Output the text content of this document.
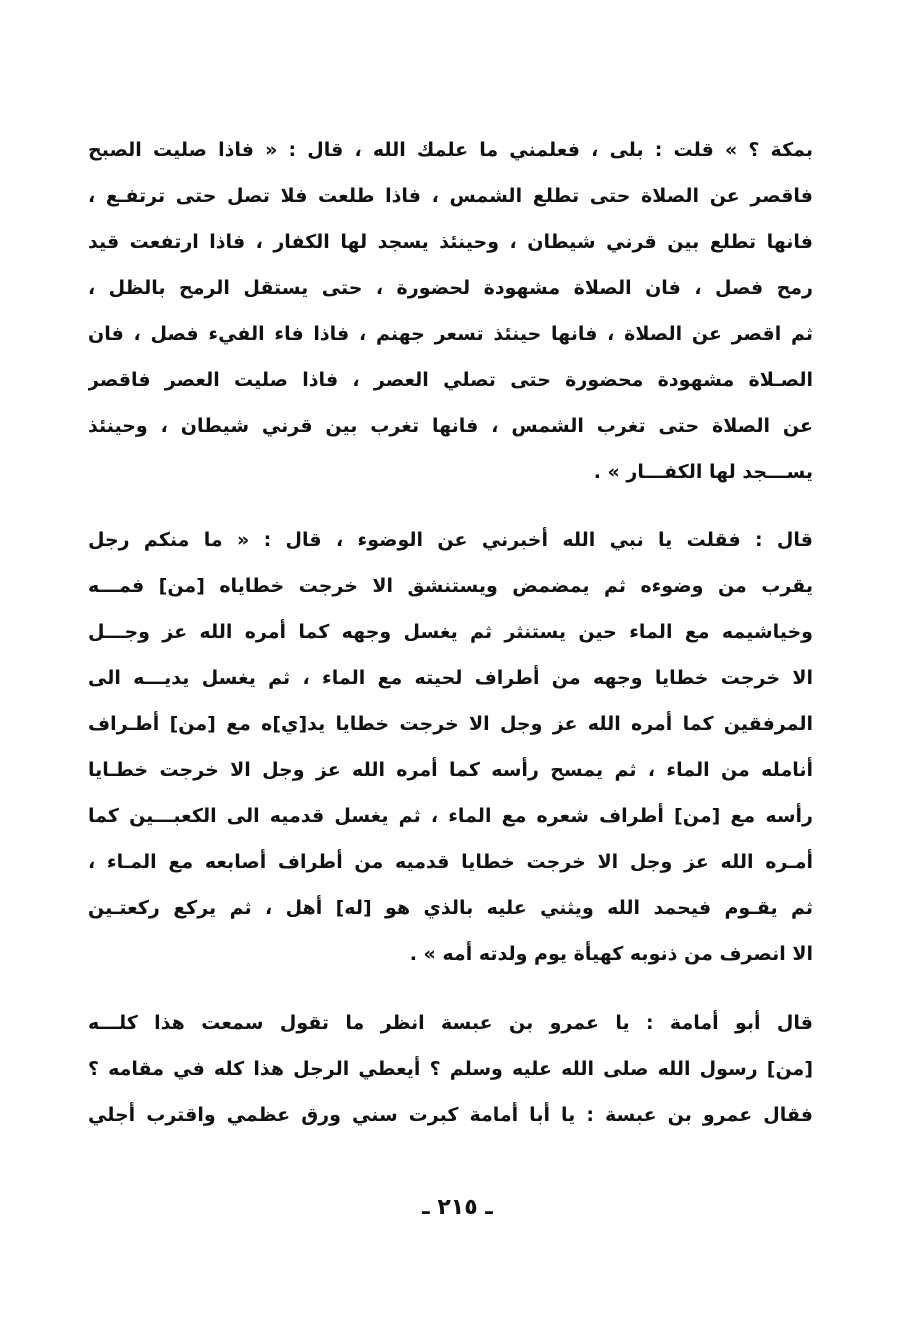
بمكة ؟ » قلت : بلى ، فعلمني ما علمك الله ، قال : « فاذا صليت الصبح
فاقصر عن الصلاة حتى تطلع الشمس ، فاذا طلعت فلا تصل حتى ترتفـع ،
فانها تطلع بين قرني شيطان ، وحينئذ يسجد لها الكفار ، فاذا ارتفعت قيد
رمح فصل ، فان الصلاة مشهودة لحضورة ، حتى يستقل الرمح بالظل ،
ثم اقصر عن الصلاة ، فانها حينئذ تسعر جهنم ، فاذا فاء الفيء فصل ، فان
الصـلاة مشهودة محضورة حتى تصلي العصر ، فاذا صليت العصر فاقصر
عن الصلاة حتى تغرب الشمس ، فانها تغرب بين قرني شيطان ، وحينئذ
يســـجد لها الكفـــار » .
قال : فقلت يا نبي الله أخبرني عن الوضوء ، قال : « ما منكم رجل
يقرب من وضوءه ثم يمضمض ويستنشق الا خرجت خطاياه [من] فمـــه
وخياشيمه مع الماء حين يستنثر ثم يغسل وجهه كما أمره الله عز وجـــل
الا خرجت خطايا وجهه من أطراف لحيته مع الماء ، ثم يغسل يديـــه الى
المرفقين كما أمره الله عز وجل الا خرجت خطايا يد[ي]ه مع [من] أطـراف
أنامله من الماء ، ثم يمسح رأسه كما أمره الله عز وجل الا خرجت خطـايا
رأسه مع [من] أطراف شعره مع الماء ، ثم يغسل قدميه الى الكعبـــين كما
أمـره الله عز وجل الا خرجت خطايا قدميه من أطراف أصابعه مع المـاء ،
ثم يقـوم فيحمد الله ويثني عليه بالذي هو [له] أهل ، ثم يركع ركعتـين
الا انصرف من ذنوبه كهيأة يوم ولدته أمه » .
قال أبو أمامة : يا عمرو بن عبسة انظر ما تقول سمعت هذا كلـــه
[من] رسول الله صلى الله عليه وسلم ؟ أيعطي الرجل هذا كله في مقامه ؟
فقال عمرو بن عبسة : يا أبا أمامة كبرت سني ورق عظمي واقترب أجلي
ـ ٢١٥ ـ
